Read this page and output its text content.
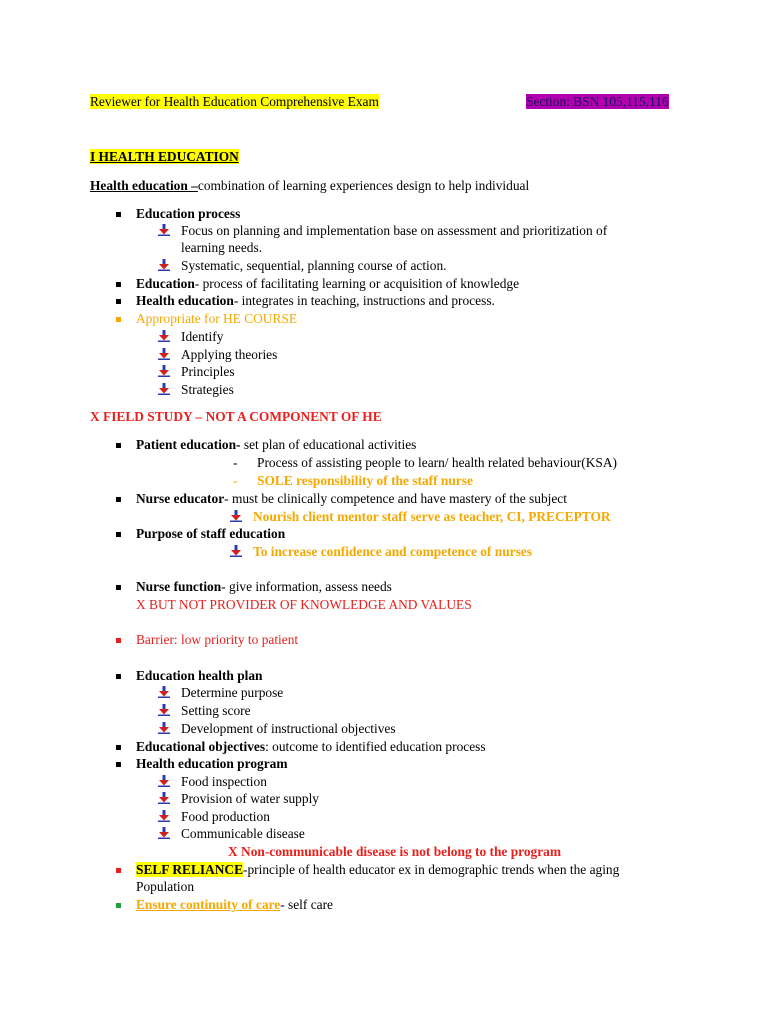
Reviewer for Health Education Comprehensive Exam	Section: BSN 105,115,116
I HEALTH EDUCATION
Health education –combination of learning experiences design to help individual
Education process
Focus on planning and implementation base on assessment and prioritization of
learning needs.
Systematic, sequential, planning course of action.
Education- process of facilitating learning or acquisition of knowledge
Health education- integrates in teaching, instructions and process.
Appropriate for HE COURSE
Identify
Applying theories
Principles
Strategies
X FIELD STUDY – NOT A COMPONENT OF HE
Patient education- set plan of educational activities
- Process of assisting people to learn/ health related behaviour(KSA)
- SOLE responsibility of the staff nurse
Nurse educator- must be clinically competence and have mastery of the subject
Nourish client mentor staff serve as teacher, CI, PRECEPTOR
Purpose of staff education
To increase confidence and competence of nurses
Nurse function- give information, assess needs
X BUT NOT PROVIDER OF KNOWLEDGE AND VALUES
Barrier: low priority to patient
Education health plan
Determine purpose
Setting score
Development of instructional objectives
Educational objectives: outcome to identified education process
Health education program
Food inspection
Provision of water supply
Food production
Communicable disease
X Non-communicable disease is not belong to the program
SELF RELIANCE-principle of health educator ex in demographic trends when the aging
Population
Ensure continuity of care- self care
